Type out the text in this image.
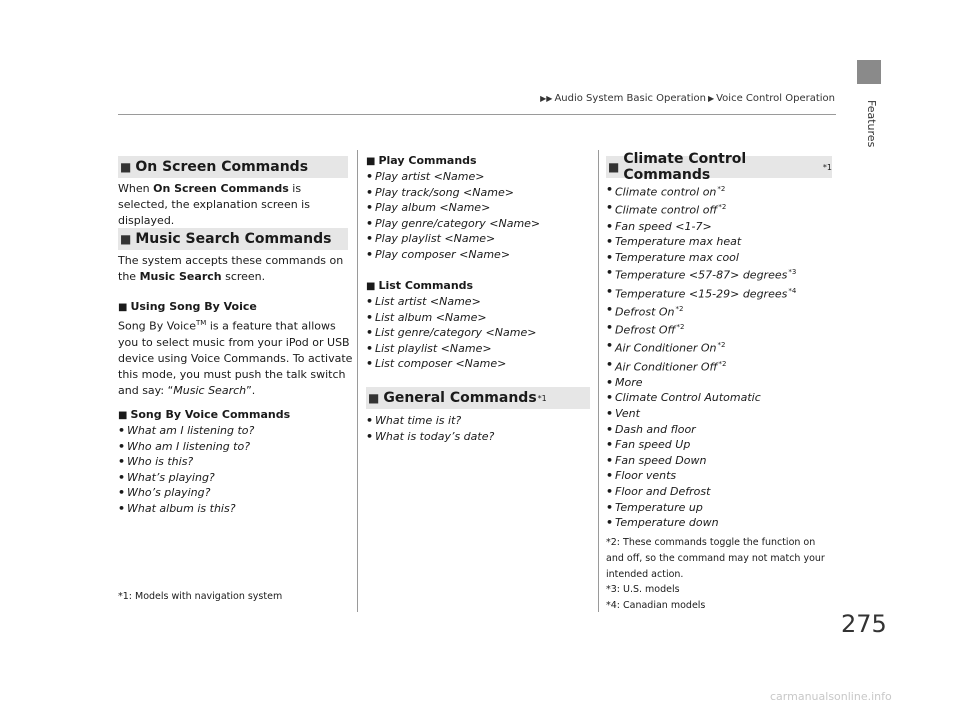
▶▶ Audio System Basic Operation ▶ Voice Control Operation
Features
275
■ On Screen Commands
When On Screen Commands is selected, the explanation screen is displayed.
■ Music Search Commands
The system accepts these commands on the Music Search screen.
■ Using Song By Voice
Song By Voice™ is a feature that allows you to select music from your iPod or USB device using Voice Commands. To activate this mode, you must push the talk switch and say: “Music Search”.
■ Song By Voice Commands
• What am I listening to?
• Who am I listening to?
• Who is this?
• What’s playing?
• Who’s playing?
• What album is this?
*1: Models with navigation system
■ Play Commands
• Play artist <Name>
• Play track/song <Name>
• Play album <Name>
• Play genre/category <Name>
• Play playlist <Name>
• Play composer <Name>
■ List Commands
• List artist <Name>
• List album <Name>
• List genre/category <Name>
• List playlist <Name>
• List composer <Name>
■ General Commands *1
• What time is it?
• What is today’s date?
■ Climate Control Commands	*1
• Climate control $on^{*2}$
• Climate control off$^{*2}$
• Fan speed <1-7>
• Temperature max heat
• Temperature max cool
• Temperature <57-87> degrees$^{*3}$
• Temperature <15-29> degrees$^{*4}$
• Defrost On$^{*2}$
• Defrost Off$^{*2}$
• Air Conditioner On$^{*2}$
• Air Conditioner Off$^{*2}$
• More
• Climate Control Automatic
• Vent
• Dash and floor
• Fan speed Up
• Fan speed Down
• Floor vents
• Floor and Defrost
• Temperature up
• Temperature down
*2: These commands toggle the function on and off, so the command may not match your intended action.
*3: U.S. models
*4: Canadian models
carmanualsonline.info
